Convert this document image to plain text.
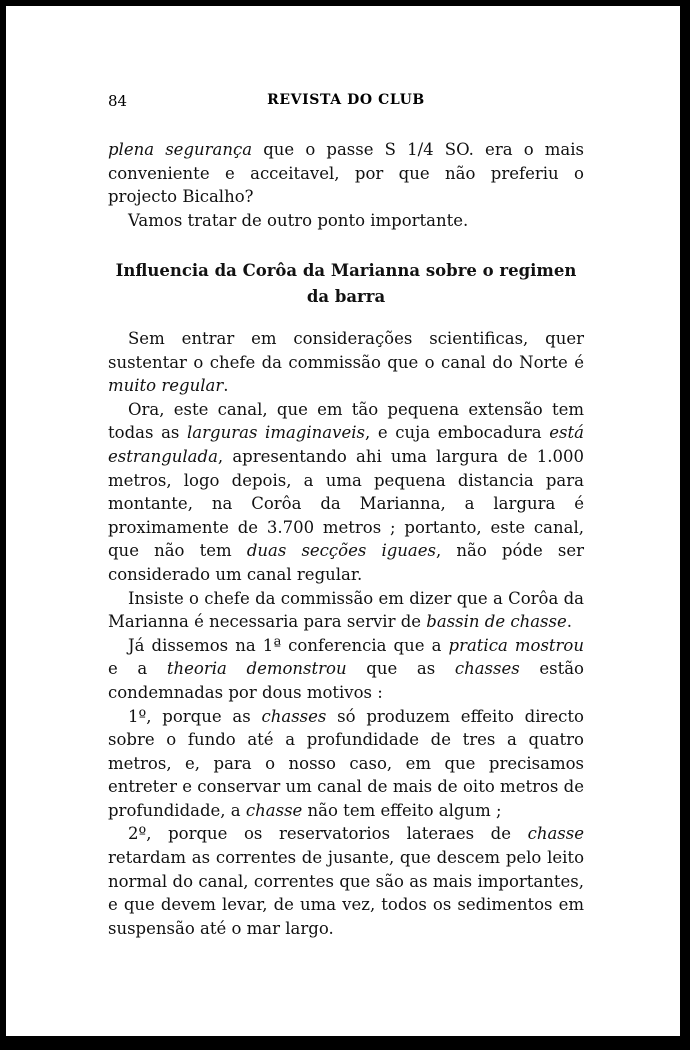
84	REVISTA DO CLUB

plena segurança que o passe S 1/4 SO. era o mais conveniente e acceitavel, por que não preferiu o projecto Bicalho?

Vamos tratar de outro ponto importante.

Influencia da Corôa da Marianna sobre o regimen

da barra

Sem entrar em considerações scientificas, quer sustentar o chefe da commissão que o canal do Norte é muito regular.

Ora, este canal, que em tão pequena extensão tem todas as larguras imaginaveis, e cuja embocadura está estrangulada, apresentando ahi uma largura de 1.000 metros, logo depois, a uma pequena distancia para montante, na Corôa da Marianna, a largura é proximamente de 3.700 metros ; portanto, este canal, que não tem duas secções iguaes, não póde ser considerado um canal regular.

Insiste o chefe da commissão em dizer que a Corôa da Marianna é necessaria para servir de bassin de chasse.

Já dissemos na 1ª conferencia que a pratica mostrou e a theoria demonstrou que as chasses estão condemnadas por dous motivos :

1º, porque as chasses só produzem effeito directo sobre o fundo até a profundidade de tres a quatro metros, e, para o nosso caso, em que precisamos entreter e conservar um canal de mais de oito metros de profundidade, a chasse não tem effeito algum ;

2º, porque os reservatorios lateraes de chasse retardam as correntes de jusante, que descem pelo leito normal do canal, correntes que são as mais importantes, e que devem levar, de uma vez, todos os sedimentos em suspensão até o mar largo.
